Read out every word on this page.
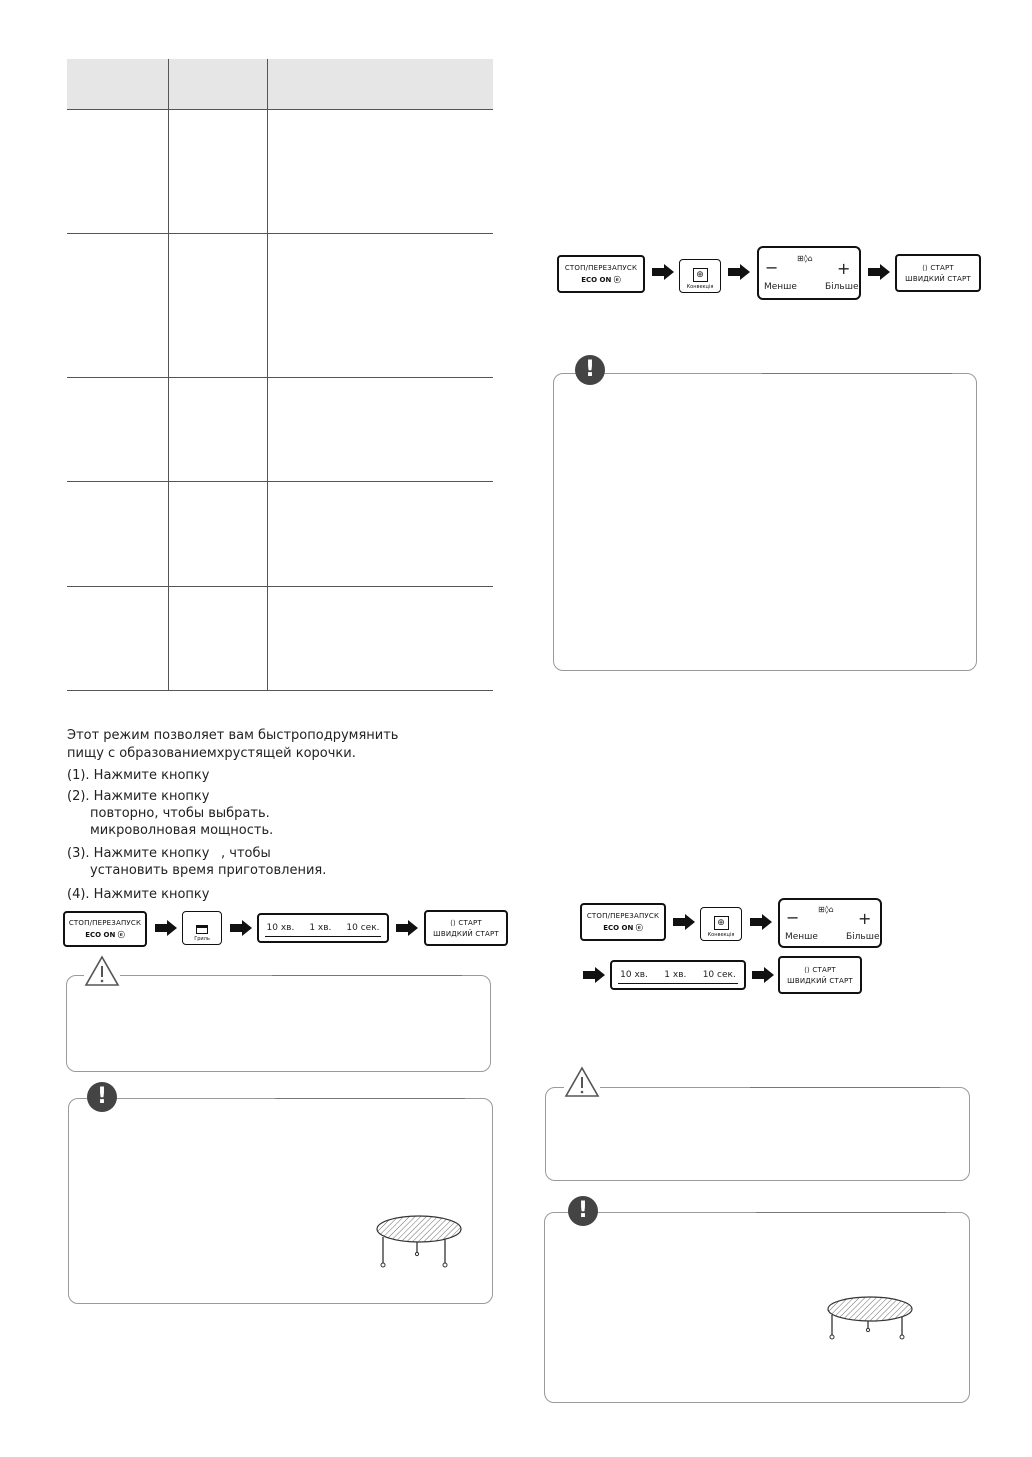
Этот режим позволяет вам быстроподрумянить
пищу с образованиемхрустящей корочки.
(1). Нажмите кнопку
(2). Нажмите кнопку
повторно, чтобы выбрать.
микроволновая мощность.
(3). Нажмите кнопку , чтобы
установить время приготовления.
(4). Нажмите кнопку
СТОП/ПЕРЕЗАПУСК
ECO ON ⓔ
Гриль
10 хв. 1 хв. 10 сек.
⟨⟩ СТАРТ
ШВИДКИЙ СТАРТ
!
СТОП/ПЕРЕЗАПУСК
ECO ON ⓔ	⊕
Конвекція
− ⊞◊⌂
+
Менше	Більше
⟨⟩ СТАРТ
ШВИДКИЙ СТАРТ
!
СТОП/ПЕРЕЗАПУСК
ECO ON ⓔ	⊕
Конвекція
− ⊞◊⌂ +
Менше	Більше
10 хв. 1 хв. 10 сек.
⟨⟩ СТАРТ
ШВИДКИЙ СТАРТ
!
